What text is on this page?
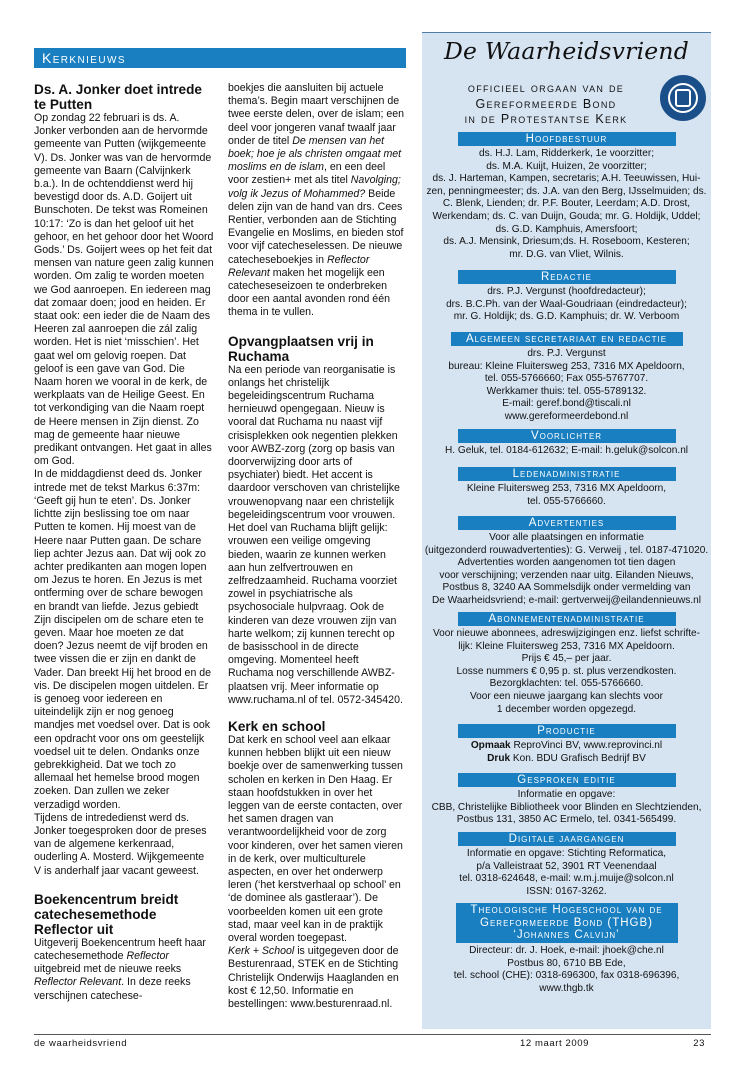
Kerknieuws
Ds. A. Jonker doet intrede te Putten

Op zondag 22 februari is ds. A. Jonker verbonden aan de hervormde gemeente van Putten (wijkgemeente V). Ds. Jonker was van de hervormde gemeente van Baarn (Calvijnkerk b.a.). In de ochtenddienst werd hij bevestigd door ds. A.D. Goijert uit Bunschoten. De tekst was Romeinen 10:17: ‘Zo is dan het geloof uit het gehoor, en het gehoor door het Woord Gods.’ Ds. Goijert wees op het feit dat mensen van nature geen zalig kunnen worden. Om zalig te worden moeten we God aanroepen. En iedereen mag dat zomaar doen; jood en heiden. Er staat ook: een ieder die de Naam des Heeren zal aanroepen die zál zalig worden. Het is niet ‘misschien’. Het gaat wel om gelovig roepen. Dat geloof is een gave van God. Die Naam horen we vooral in de kerk, de werkplaats van de Heilige Geest. En tot verkondiging van die Naam roept de Heere mensen in Zijn dienst. Zo mag de gemeente haar nieuwe predikant ontvangen. Het gaat in alles om God.

In de middagdienst deed ds. Jonker intrede met de tekst Markus 6:37m: ‘Geeft gij hun te eten’. Ds. Jonker lichtte zijn beslissing toe om naar Putten te komen. Hij moest van de Heere naar Putten gaan. De schare liep achter Jezus aan. Dat wij ook zo achter predikanten aan mogen lopen om Jezus te horen. En Jezus is met ontferming over de schare bewogen en brandt van liefde. Jezus gebiedt Zijn discipelen om de schare eten te geven. Maar hoe moeten ze dat doen? Jezus neemt de vijf broden en twee vissen die er zijn en dankt de Vader. Dan breekt Hij het brood en de vis. De discipelen mogen uitdelen. Er is genoeg voor iedereen en uiteindelijk zijn er nog genoeg mandjes met voedsel over. Dat is ook een opdracht voor ons om geestelijk voedsel uit te delen. Ondanks onze gebrekkigheid. Dat we toch zo allemaal het hemelse brood mogen zoeken. Dan zullen we zeker verzadigd worden.

Tijdens de intrededienst werd ds. Jonker toegesproken door de preses van de algemene kerkenraad, ouderling A. Mosterd. Wijkgemeente V is anderhalf jaar vacant geweest.

Boekencentrum breidt catechesemethode Reflector uit

Uitgeverij Boekencentrum heeft haar catechesemethode Reflector uitgebreid met de nieuwe reeks Reflector Relevant. In deze reeks verschijnen catechese-

boekjes die aansluiten bij actuele thema’s. Begin maart verschijnen de twee eerste delen, over de islam; een deel voor jongeren vanaf twaalf jaar onder de titel De mensen van het boek; hoe je als christen omgaat met moslims en de islam, en een deel voor zestien+ met als titel Navolging; volg ik Jezus of Mohammed? Beide delen zijn van de hand van drs. Cees Rentier, verbonden aan de Stichting Evangelie en Moslims, en bieden stof voor vijf catecheselessen. De nieuwe catecheseboekjes in Reflector Relevant maken het mogelijk een catecheseseizoen te onderbreken door een aantal avonden rond één thema in te vullen.

Opvangplaatsen vrij in Ruchama

Na een periode van reorganisatie is onlangs het christelijk begeleidingscentrum Ruchama hernieuwd opengegaan. Nieuw is vooral dat Ruchama nu naast vijf crisisplekken ook negentien plekken voor AWBZ-zorg (zorg op basis van doorverwijzing door arts of psychiater) biedt. Het accent is daardoor verschoven van christelijke vrouwenopvang naar een christelijk begeleidingscentrum voor vrouwen.

Het doel van Ruchama blijft gelijk: vrouwen een veilige omgeving bieden, waarin ze kunnen werken aan hun zelfvertrouwen en zelfredzaamheid. Ruchama voorziet zowel in psychiatrische als psychosociale hulpvraag. Ook de kinderen van deze vrouwen zijn van harte welkom; zij kunnen terecht op de basisschool in de directe omgeving. Momenteel heeft Ruchama nog verschillende AWBZ-plaatsen vrij. Meer informatie op www.ruchama.nl of tel. 0572-345420.

Kerk en school

Dat kerk en school veel aan elkaar kunnen hebben blijkt uit een nieuw boekje over de samenwerking tussen scholen en kerken in Den Haag. Er staan hoofdstukken in over het leggen van de eerste contacten, over het samen dragen van verantwoordelijkheid voor de zorg voor kinderen, over het samen vieren in de kerk, over multiculturele aspecten, en over het onderwerp leren (‘het kerstverhaal op school’ en ‘de dominee als gastleraar’). De voorbeelden komen uit een grote stad, maar veel kan in de praktijk overal worden toegepast.

Kerk + School is uitgegeven door de Besturenraad, STEK en de Stichting Christelijk Onderwijs Haaglanden en kost € 12,50. Informatie en bestellingen: www.besturenraad.nl.

De Waarheidsvriend
officieel orgaan van de
Gereformeerde Bond
in de Protestantse Kerk
Hoofdbestuur
ds. H.J. Lam, Ridderkerk, 1e voorzitter;
ds. M.A. Kuijt, Huizen, 2e voorzitter;
ds. J. Harteman, Kampen, secretaris; A.H. Teeuwissen, Hui-
zen, penningmeester; ds. J.A. van den Berg, IJsselmuiden; ds.
C. Blenk, Lienden; dr. P.F. Bouter, Leerdam; A.D. Drost,
Werkendam; ds. C. van Duijn, Gouda; mr. G. Holdijk, Uddel;
ds. G.D. Kamphuis, Amersfoort;
ds. A.J. Mensink, Driesum;ds. H. Roseboom, Kesteren;
mr. D.G. van Vliet, Wilnis.
Redactie
drs. P.J. Vergunst (hoofdredacteur);
drs. B.C.Ph. van der Waal-Goudriaan (eindredacteur);
mr. G. Holdijk; ds. G.D. Kamphuis; dr. W. Verboom
Algemeen secretariaat en redactie
drs. P.J. Vergunst
bureau: Kleine Fluitersweg 253, 7316 MX Apeldoorn,
tel. 055-5766660; Fax 055-5767707.
Werkkamer thuis: tel. 055-5789132.
E-mail: geref.bond@tiscali.nl
www.gereformeerdebond.nl
Voorlichter
H. Geluk, tel. 0184-612632; E-mail: h.geluk@solcon.nl
Ledenadministratie
Kleine Fluitersweg 253, 7316 MX Apeldoorn,
tel. 055-5766660.
Advertenties
Voor alle plaatsingen en informatie
(uitgezonderd rouwadvertenties): G. Verweij , tel. 0187-471020.
Advertenties worden aangenomen tot tien dagen
voor verschijning; verzenden naar uitg. Eilanden Nieuws,
Postbus 8, 3240 AA Sommelsdijk onder vermelding van
De Waarheidsvriend; e-mail: gertverweij@eilandennieuws.nl
Abonnementenadministratie
Voor nieuwe abonnees, adreswijzigingen enz. liefst schrifte-
lijk: Kleine Fluitersweg 253, 7316 MX Apeldoorn.
Prijs € 45,– per jaar.
Losse nummers € 0,95 p. st. plus verzendkosten.
Bezorgklachten: tel. 055-5766660.
Voor een nieuwe jaargang kan slechts voor
1 december worden opgezegd.
Productie
Opmaak ReproVinci BV, www.reprovinci.nl
Druk Kon. BDU Grafisch Bedrijf BV
Gesproken editie
Informatie en opgave:
CBB, Christelijke Bibliotheek voor Blinden en Slechtzienden,
Postbus 131, 3850 AC Ermelo, tel. 0341-565499.
Digitale jaargangen
Informatie en opgave: Stichting Reformatica,
p/a Valleistraat 52, 3901 RT Veenendaal
tel. 0318-624648, e-mail: w.m.j.muije@solcon.nl
ISSN: 0167-3262.
Theologische Hogeschool van de
Gereformeerde Bond (THGB)
‘Johannes Calvijn’
Directeur: dr. J. Hoek, e-mail: jhoek@che.nl
Postbus 80, 6710 BB Ede,
tel. school (CHE): 0318-696300, fax 0318-696396,
www.thgb.tk
de waarheidsvriend	12 maart 2009	23
